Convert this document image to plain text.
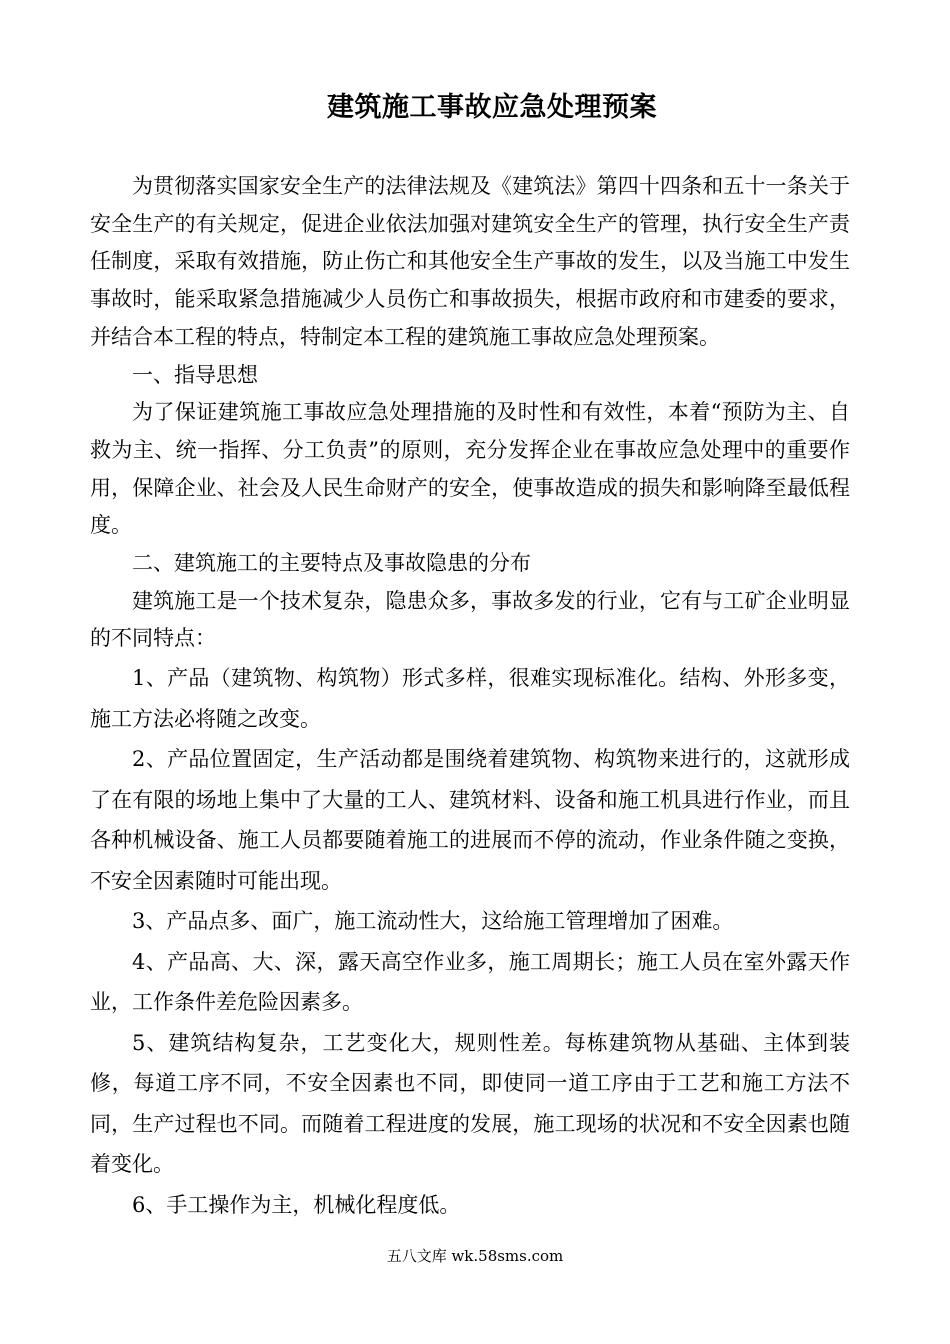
建筑施工事故应急处理预案

为贯彻落实国家安全生产的法律法规及《建筑法》第四十四条和五十一条关于安全生产的有关规定，促进企业依法加强对建筑安全生产的管理，执行安全生产责任制度，采取有效措施，防止伤亡和其他安全生产事故的发生，以及当施工中发生事故时，能采取紧急措施减少人员伤亡和事故损失，根据市政府和市建委的要求，并结合本工程的特点，特制定本工程的建筑施工事故应急处理预案。

一、指导思想

为了保证建筑施工事故应急处理措施的及时性和有效性，本着“预防为主、自救为主、统一指挥、分工负责”的原则，充分发挥企业在事故应急处理中的重要作用，保障企业、社会及人民生命财产的安全，使事故造成的损失和影响降至最低程度。

二、建筑施工的主要特点及事故隐患的分布

建筑施工是一个技术复杂，隐患众多，事故多发的行业，它有与工矿企业明显的不同特点：

1、产品（建筑物、构筑物）形式多样，很难实现标准化。结构、外形多变，施工方法必将随之改变。

2、产品位置固定，生产活动都是围绕着建筑物、构筑物来进行的，这就形成了在有限的场地上集中了大量的工人、建筑材料、设备和施工机具进行作业，而且各种机械设备、施工人员都要随着施工的进展而不停的流动，作业条件随之变换，不安全因素随时可能出现。

3、产品点多、面广，施工流动性大，这给施工管理增加了困难。

4、产品高、大、深，露天高空作业多，施工周期长；施工人员在室外露天作业，工作条件差危险因素多。

5、建筑结构复杂，工艺变化大，规则性差。每栋建筑物从基础、主体到装修，每道工序不同，不安全因素也不同，即使同一道工序由于工艺和施工方法不同，生产过程也不同。而随着工程进度的发展，施工现场的状况和不安全因素也随着变化。

6、手工操作为主，机械化程度低。

五八文库 wk.58sms.com
